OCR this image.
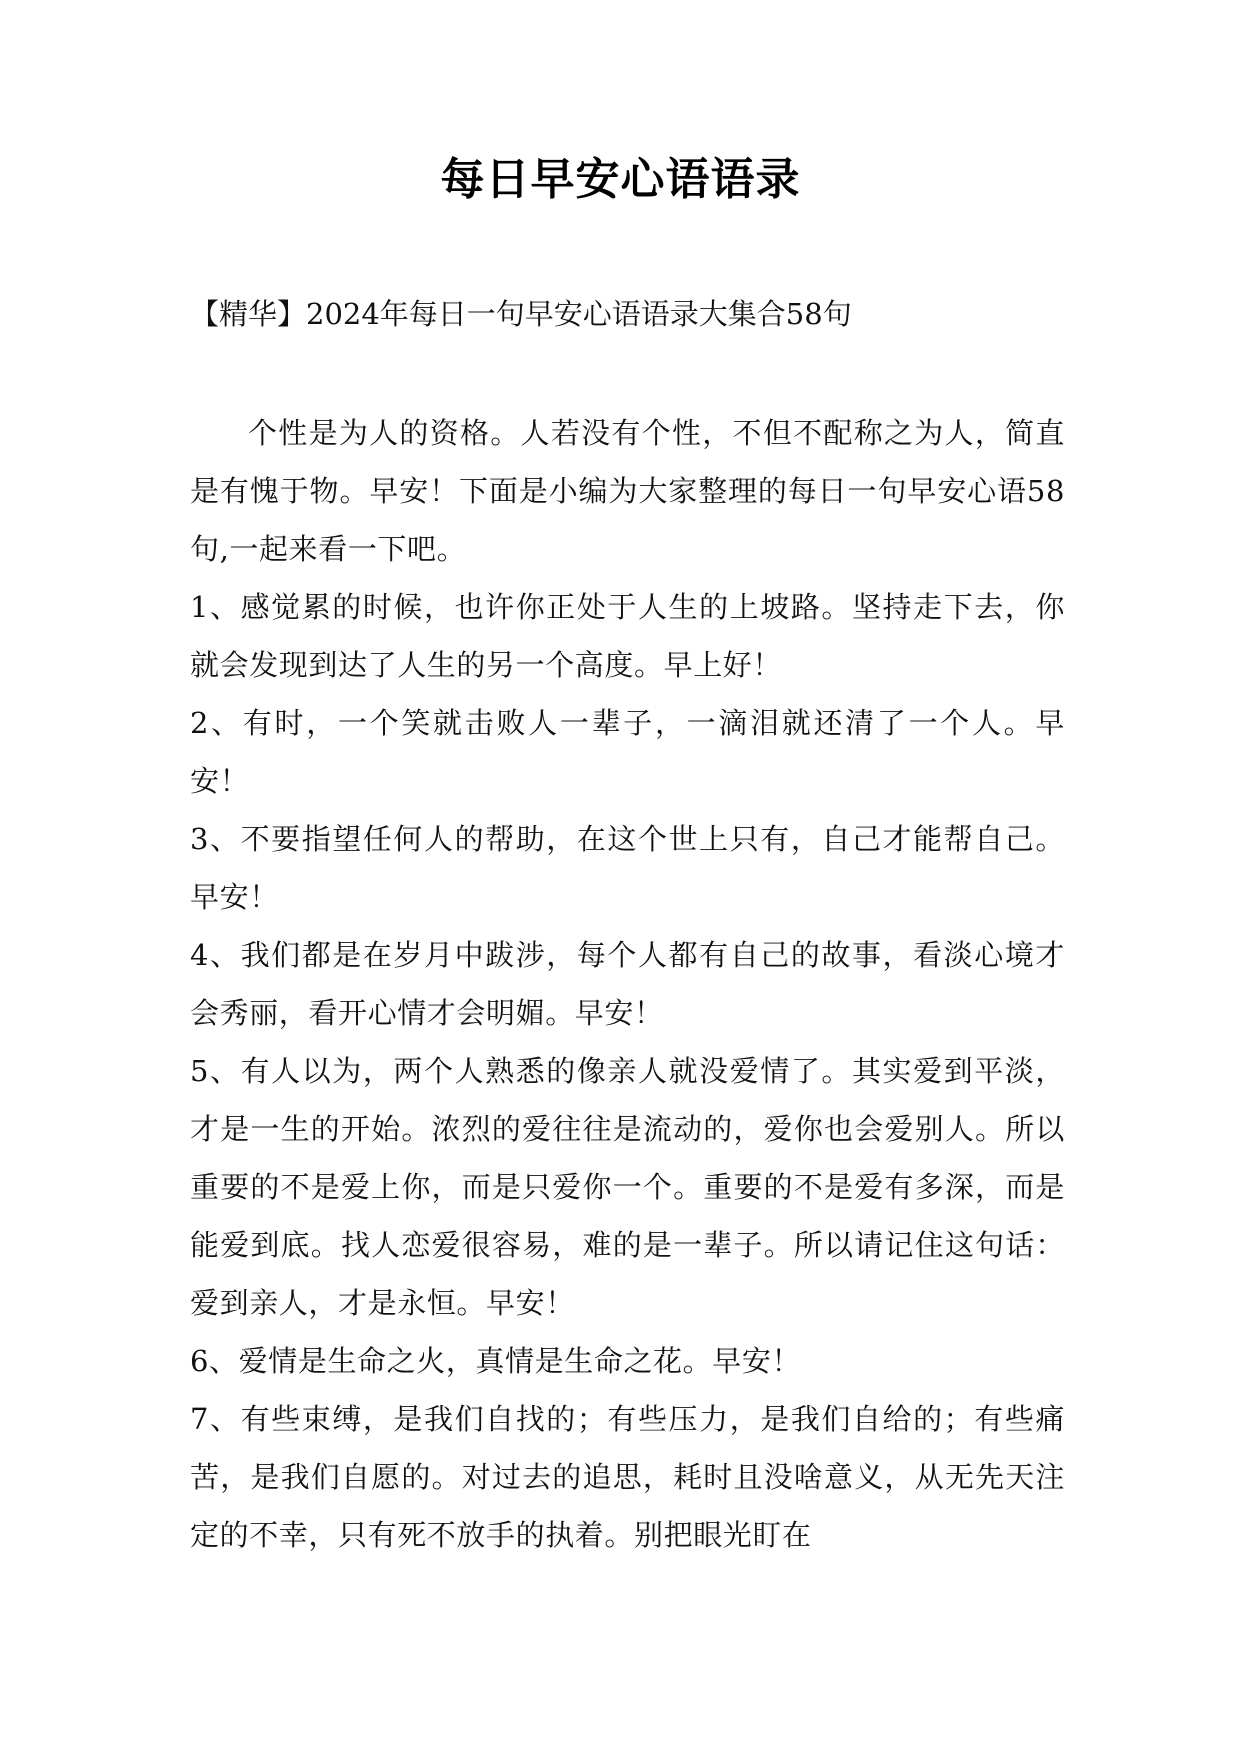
每日早安心语语录

【精华】2024年每日一句早安心语语录大集合58句

个性是为人的资格。人若没有个性，不但不配称之为人，简直是有愧于物。早安！下面是小编为大家整理的每日一句早安心语58句,一起来看一下吧。

1、感觉累的时候，也许你正处于人生的上坡路。坚持走下去，你就会发现到达了人生的另一个高度。早上好！

2、有时，一个笑就击败人一辈子，一滴泪就还清了一个人。早安！

3、不要指望任何人的帮助，在这个世上只有，自己才能帮自己。早安！

4、我们都是在岁月中跋涉，每个人都有自己的故事，看淡心境才会秀丽，看开心情才会明媚。早安！

5、有人以为，两个人熟悉的像亲人就没爱情了。其实爱到平淡，才是一生的开始。浓烈的爱往往是流动的，爱你也会爱别人。所以重要的不是爱上你，而是只爱你一个。重要的不是爱有多深，而是能爱到底。找人恋爱很容易，难的是一辈子。所以请记住这句话：爱到亲人，才是永恒。早安！

6、爱情是生命之火，真情是生命之花。早安！

7、有些束缚，是我们自找的；有些压力，是我们自给的；有些痛苦，是我们自愿的。对过去的追思，耗时且没啥意义，从无先天注定的不幸，只有死不放手的执着。别把眼光盯在
